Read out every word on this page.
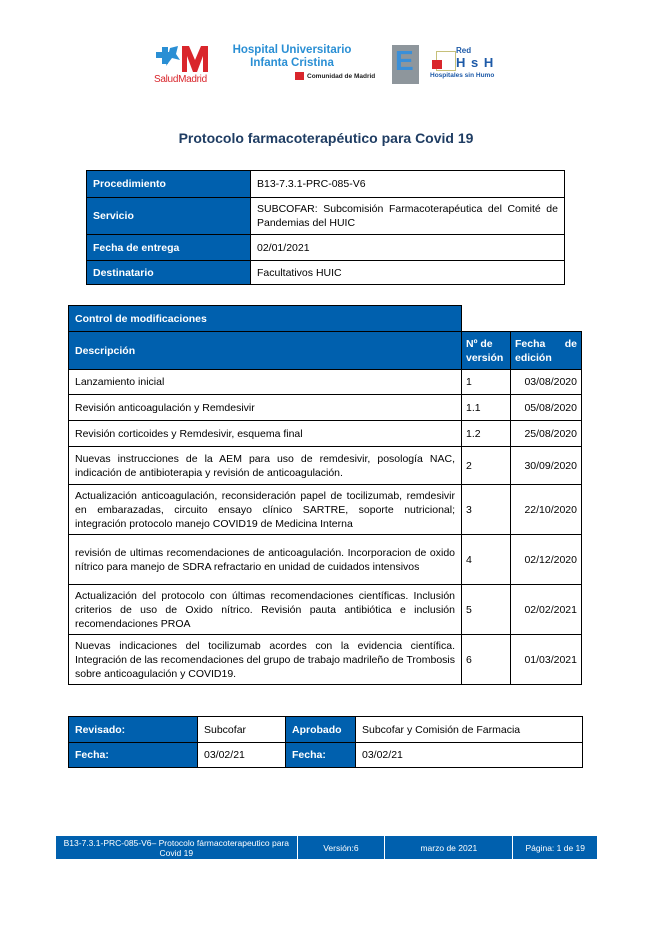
SaludMadrid
Hospital Universitario
Infanta Cristina
Comunidad de Madrid E	Red
H s H
Hospitales sin Humo
Protocolo farmacoterapéutico para Covid 19
Procedimiento	B13-7.3.1-PRC-085-V6
Servicio	SUBCOFAR: Subcomisión Farmacoterapéutica del Comité de Pandemias del HUIC
Fecha de entrega	02/01/2021
Destinatario	Facultativos HUIC
Control de modificaciones		
Descripción	Nº de versión	Fecha de edición
Lanzamiento inicial	1	03/08/2020
Revisión anticoagulación y Remdesivir	1.1	05/08/2020
Revisión corticoides y Remdesivir, esquema final	1.2	25/08/2020
Nuevas instrucciones de la AEM para uso de remdesivir, posología NAC, indicación de antibioterapia y revisión de anticoagulación.	2	30/09/2020
Actualización anticoagulación, reconsideración papel de tocilizumab, remdesivir en embarazadas, circuito ensayo clínico SARTRE, soporte nutricional; integración protocolo manejo COVID19 de Medicina Interna	3	22/10/2020
revisión de ultimas recomendaciones de anticoagulación. Incorporacion de oxido nítrico para manejo de SDRA refractario en unidad de cuidados intensivos	4	02/12/2020
Actualización del protocolo con últimas recomendaciones científicas. Inclusión criterios de uso de Oxido nítrico. Revisión pauta antibiótica e inclusión recomendaciones PROA	5	02/02/2021
Nuevas indicaciones del tocilizumab acordes con la evidencia científica. Integración de las recomendaciones del grupo de trabajo madrileño de Trombosis sobre anticoagulación y COVID19.	6	01/03/2021
Revisado:	Subcofar	Aprobado	Subcofar y Comisión de Farmacia
Fecha:	03/02/21	Fecha:	03/02/21
B13-7.3.1-PRC-085-V6– Protocolo fármacoterapeutico para Covid 19	Versión:6	marzo de 2021	Página: 1 de 19
